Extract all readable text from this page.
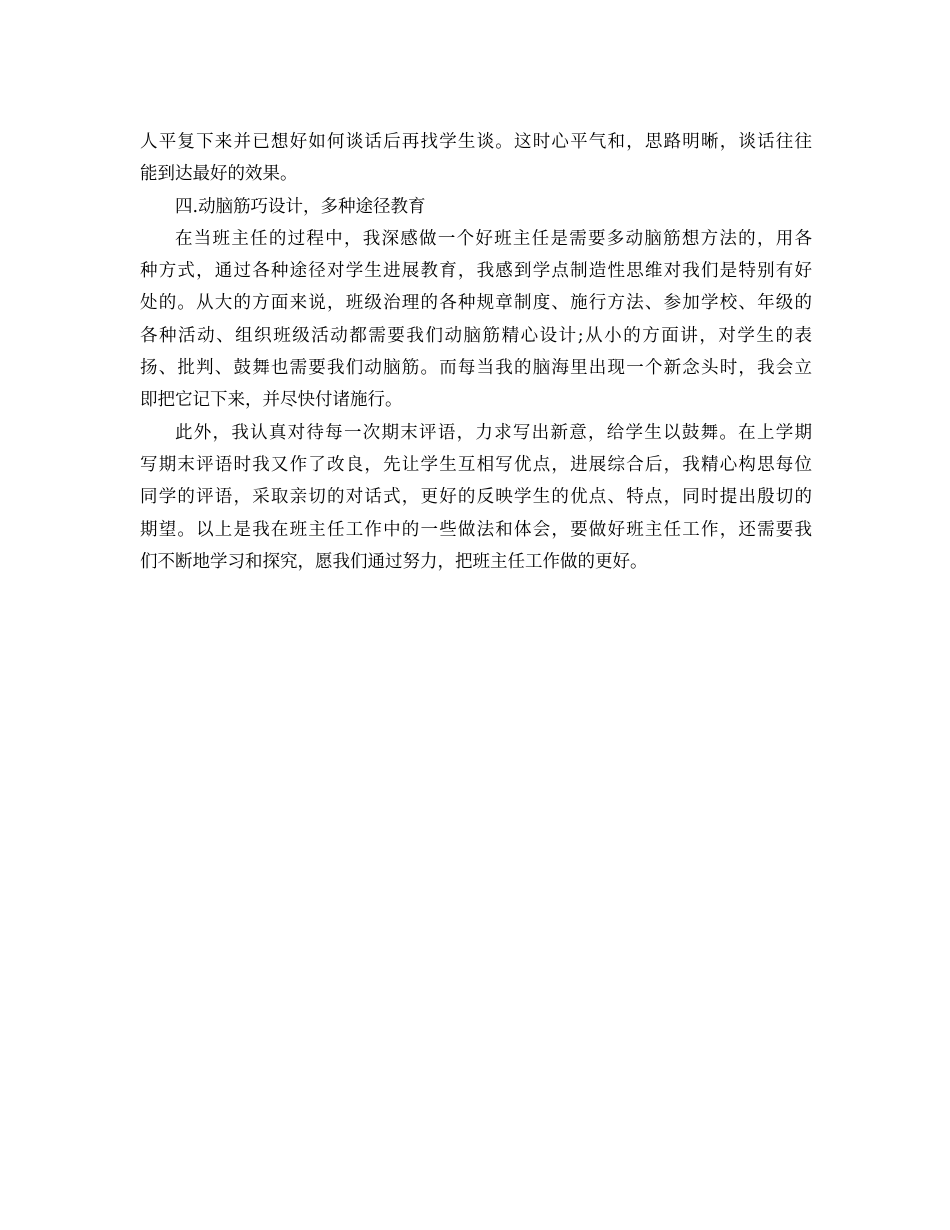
人平复下来并已想好如何谈话后再找学生谈。这时心平气和，思路明晰，谈话往往
能到达最好的效果。

四.动脑筋巧设计，多种途径教育

在当班主任的过程中，我深感做一个好班主任是需要多动脑筋想方法的，用各
种方式，通过各种途径对学生进展教育，我感到学点制造性思维对我们是特别有好
处的。从大的方面来说，班级治理的各种规章制度、施行方法、参加学校、年级的
各种活动、组织班级活动都需要我们动脑筋精心设计;从小的方面讲，对学生的表
扬、批判、鼓舞也需要我们动脑筋。而每当我的脑海里出现一个新念头时，我会立
即把它记下来，并尽快付诸施行。

此外，我认真对待每一次期末评语，力求写出新意，给学生以鼓舞。在上学期
写期末评语时我又作了改良，先让学生互相写优点，进展综合后，我精心构思每位
同学的评语，采取亲切的对话式，更好的反映学生的优点、特点，同时提出殷切的
期望。以上是我在班主任工作中的一些做法和体会，要做好班主任工作，还需要我
们不断地学习和探究，愿我们通过努力，把班主任工作做的更好。
